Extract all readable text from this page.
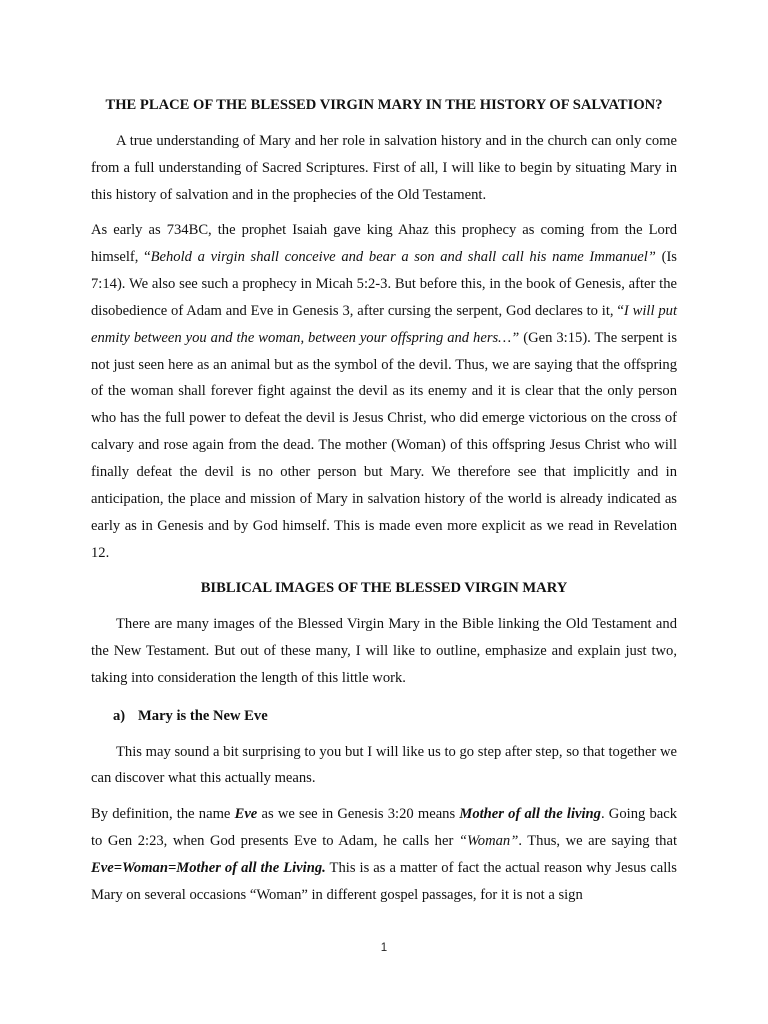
THE PLACE OF THE BLESSED VIRGIN MARY IN THE HISTORY OF SALVATION?

A true understanding of Mary and her role in salvation history and in the church can only come from a full understanding of Sacred Scriptures. First of all, I will like to begin by situating Mary in this history of salvation and in the prophecies of the Old Testament.

As early as 734BC, the prophet Isaiah gave king Ahaz this prophecy as coming from the Lord himself, “Behold a virgin shall conceive and bear a son and shall call his name Immanuel” (Is 7:14). We also see such a prophecy in Micah 5:2-3. But before this, in the book of Genesis, after the disobedience of Adam and Eve in Genesis 3, after cursing the serpent, God declares to it, “I will put enmity between you and the woman, between your offspring and hers…” (Gen 3:15). The serpent is not just seen here as an animal but as the symbol of the devil. Thus, we are saying that the offspring of the woman shall forever fight against the devil as its enemy and it is clear that the only person who has the full power to defeat the devil is Jesus Christ, who did emerge victorious on the cross of calvary and rose again from the dead. The mother (Woman) of this offspring Jesus Christ who will finally defeat the devil is no other person but Mary. We therefore see that implicitly and in anticipation, the place and mission of Mary in salvation history of the world is already indicated as early as in Genesis and by God himself. This is made even more explicit as we read in Revelation 12.

BIBLICAL IMAGES OF THE BLESSED VIRGIN MARY

There are many images of the Blessed Virgin Mary in the Bible linking the Old Testament and the New Testament. But out of these many, I will like to outline, emphasize and explain just two, taking into consideration the length of this little work.

a) Mary is the New Eve

This may sound a bit surprising to you but I will like us to go step after step, so that together we can discover what this actually means.

By definition, the name Eve as we see in Genesis 3:20 means Mother of all the living. Going back to Gen 2:23, when God presents Eve to Adam, he calls her “Woman”. Thus, we are saying that Eve=Woman=Mother of all the Living. This is as a matter of fact the actual reason why Jesus calls Mary on several occasions “Woman” in different gospel passages, for it is not a sign

1
